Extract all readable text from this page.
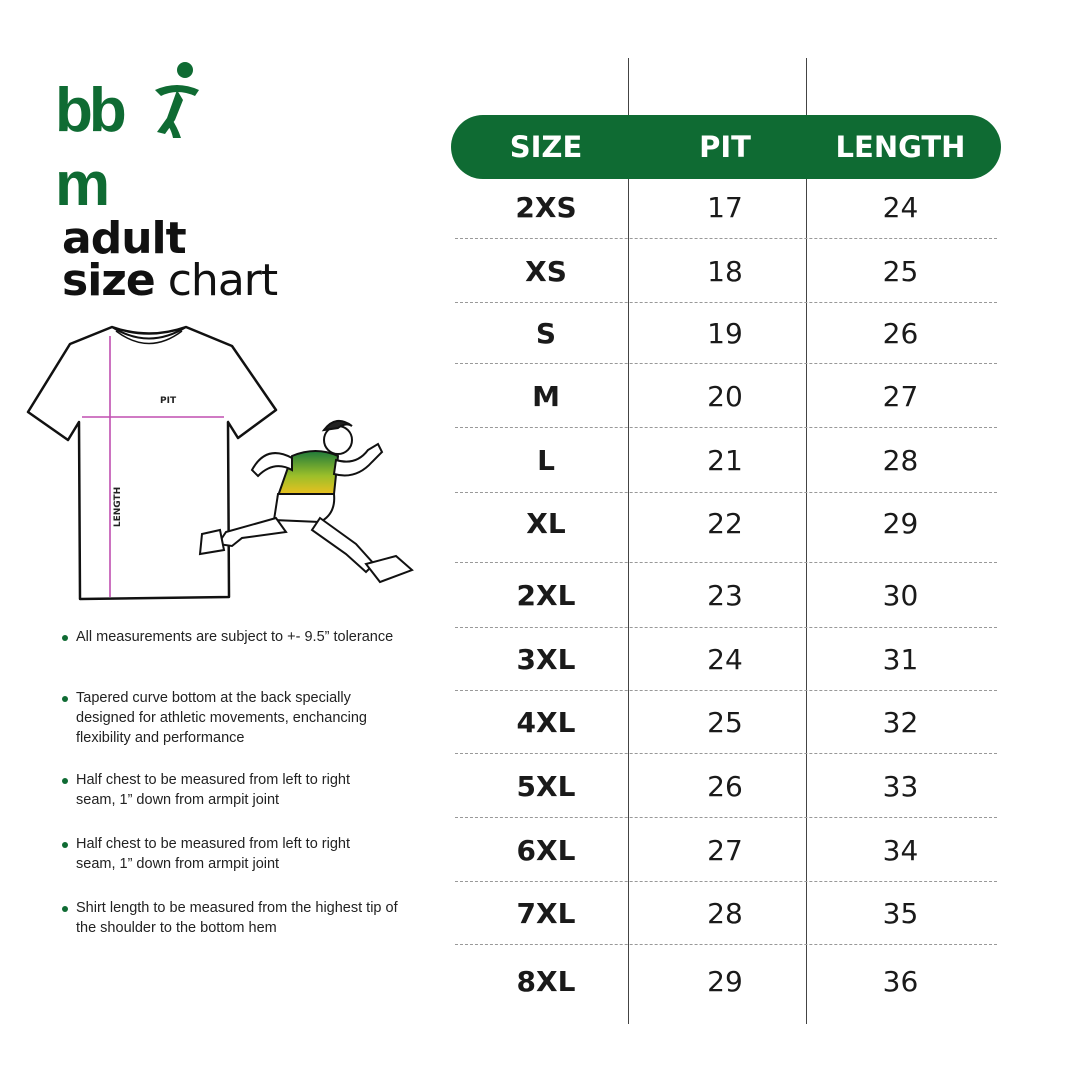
bbm
adult
size chart
PIT
LENGTH
All measurements are subject to +- 9.5” tolerance
Tapered curve bottom at the back specially designed for athletic movements, enchancing flexibility and performance
Half chest to be measured from left to right seam, 1” down from armpit joint
Half chest to be measured from left to right seam, 1” down from armpit joint
Shirt length to be measured from the highest tip of the shoulder to the bottom hem
SIZE	PIT	LENGTH
2XS	17	24
XS	18	25
S	19	26
M	20	27
L	21	28
XL	22	29
2XL	23	30
3XL	24	31
4XL	25	32
5XL	26	33
6XL	27	34
7XL	28	35
8XL	29	36
